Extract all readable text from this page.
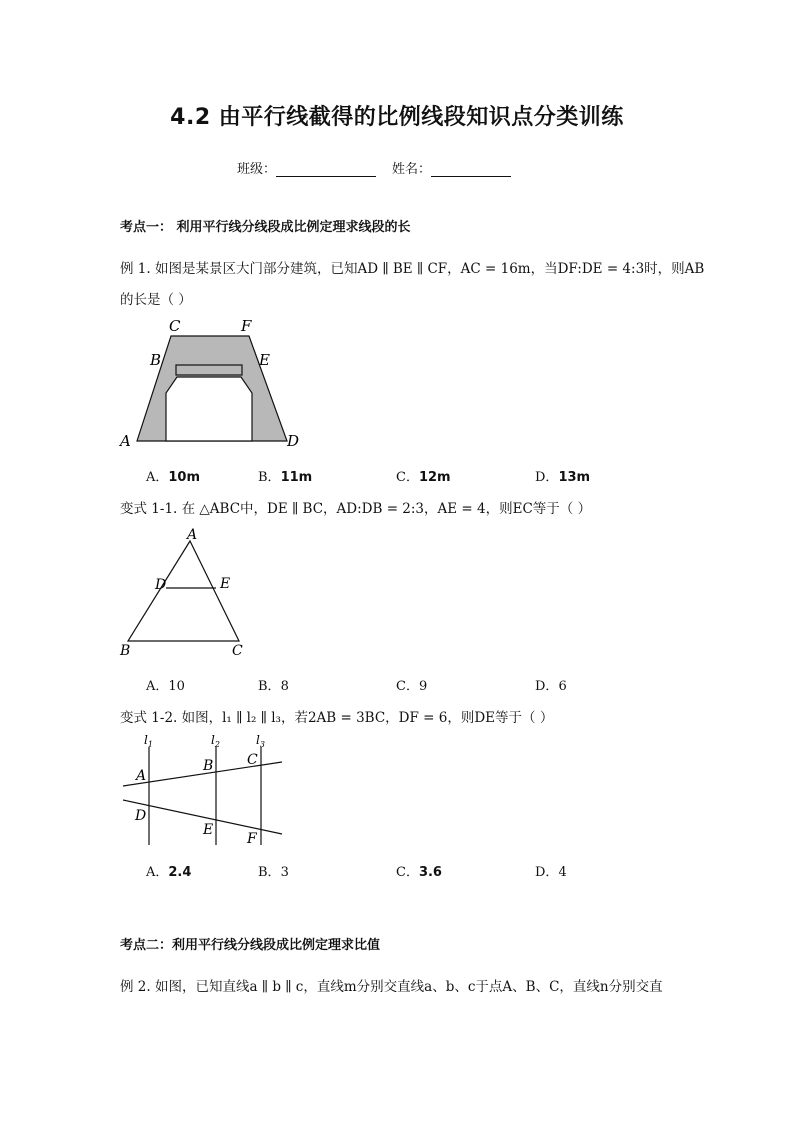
4.2 由平行线截得的比例线段知识点分类训练
班级：	姓名：
考点一： 利用平行线分线段成比例定理求线段的长
例 1. 如图是某景区大门部分建筑，已知AD ∥ BE ∥ CF，AC = 16m，当DF:DE = 4:3时，则AB
的长是（ ）
C	F
B	E
A	D
A．10m	B．11m	C．12m	D．13m
变式 1-1. 在 △ABC中，DE ∥ BC，AD:DB = 2:3，AE = 4，则EC等于（ ）
A
D	E
B	C
A．10	B．8	C．9	D．6
变式 1-2. 如图，l₁ ∥ l₂ ∥ l₃，若2AB = 3BC，DF = 6，则DE等于（ ）
$l_1$	$l_2$	$l_3$
A
B C
D
E
F
A．2.4	B．3	C．3.6	D．4
考点二：利用平行线分线段成比例定理求比值
例 2. 如图，已知直线a ∥ b ∥ c，直线m分别交直线a、b、c于点A、B、C，直线n分别交直
